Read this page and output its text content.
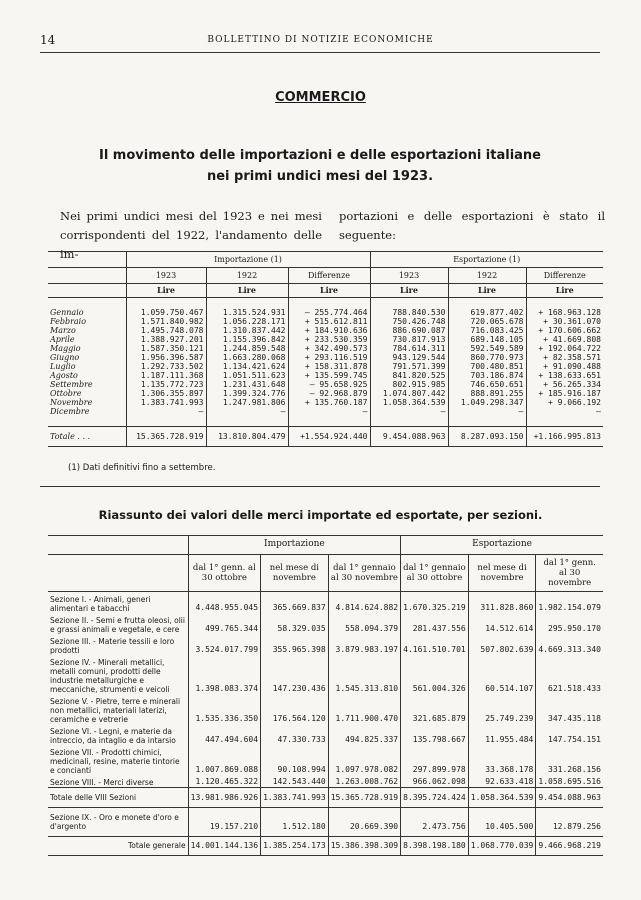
14	BOLLETTINO DI NOTIZIE ECONOMICHE
COMMERCIO
Il movimento delle importazioni e delle esportazioni italiane
nei primi undici mesi del 1923.
Nei primi undici mesi del 1923 e nei mesi corrispondenti del 1922, l'andamento delle im-
portazioni e delle esportazioni è stato il seguente:
	Importazione (1)			Esportazione (1)		
	1923	1922	Differenze	1923	1922	Differenze
	Lire	Lire	Lire	Lire	Lire	Lire

Gennaio	1.059.750.467	1.315.524.931	— 255.774.464	788.840.530	619.877.402	+ 168.963.128
Febbraio	1.571.840.982	1.056.228.171	+ 515.612.811	750.426.748	720.065.678	+ 30.361.070
Marzo	1.495.748.078	1.310.837.442	+ 184.910.636	886.690.087	716.083.425	+ 170.606.662
Aprile	1.388.927.201	1.155.396.842	+ 233.530.359	730.817.913	689.148.105	+ 41.669.808
Maggio	1.587.350.121	1.244.859.548	+ 342.490.573	784.614.311	592.549.589	+ 192.064.722
Giugno	1.956.396.587	1.663.280.068	+ 293.116.519	943.129.544	860.770.973	+ 82.358.571
Luglio	1.292.733.502	1.134.421.624	+ 158.311.878	791.571.399	700.480.851	+ 91.090.488
Agosto	1.187.111.368	1.051.511.623	+ 135.599.745	841.820.525	703.186.874	+ 138.633.651
Settembre	1.135.772.723	1.231.431.648	— 95.658.925	802.915.985	746.650.651	+ 56.265.334
Ottobre	1.306.355.897	1.399.324.776	— 92.968.879	1.074.807.442	888.891.255	+ 185.916.187
Novembre	1.383.741.993	1.247.981.806	+ 135.760.187	1.058.364.539	1.049.298.347	+ 9.066.192
Dicembre	—	—	—	—	—	—

Totale . . .	15.365.728.919	13.810.804.479	+1.554.924.440	9.454.088.963	8.287.093.150	+1.166.995.813
(1) Dati definitivi fino a settembre.
Riassunto dei valori delle merci importate ed esportate, per sezioni.
	Importazione			Esportazione		
	dal 1° genn. al 30 ottobre	nel mese di novembre	dal 1° gennaio al 30 novembre	dal 1° gennaio al 30 ottobre	nel mese di novembre	dal 1° genn. al 30 novembre
Sezione I. - Animali, generi alimentari e tabacchi	4.448.955.045	365.669.837	4.814.624.882	1.670.325.219	311.828.860	1.982.154.079
Sezione II. - Semi e frutta oleosi, olii e grassi animali e vegetale, e cere	499.765.344	58.329.035	558.094.379	281.437.556	14.512.614	295.950.170
Sezione III. - Materie tessili e loro prodotti	3.524.017.799	355.965.398	3.879.983.197	4.161.510.701	507.802.639	4.669.313.340
Sezione IV. - Minerali metallici, metalli comuni, prodotti delle industrie metallurgiche e meccaniche, strumenti e veicoli	1.398.083.374	147.230.436	1.545.313.810	561.004.326	60.514.107	621.518.433
Sezione V. - Pietre, terre e minerali non metallici, materiali laterizi, ceramiche e vetrerie	1.535.336.350	176.564.120	1.711.900.470	321.685.879	25.749.239	347.435.118
Sezione VI. - Legni, e materie da intreccio, da intaglio e da intarsio	447.494.604	47.330.733	494.825.337	135.798.667	11.955.484	147.754.151
Sezione VII. - Prodotti chimici, medicinali, resine, materie tintorie e concianti	1.007.869.088	90.108.994	1.097.978.082	297.899.978	33.368.178	331.268.156
Sezione VIII. - Merci diverse	1.120.465.322	142.543.440	1.263.008.762	966.062.098	92.633.418	1.058.695.516
Totale delle VIII Sezioni	13.981.986.926	1.383.741.993	15.365.728.919	8.395.724.424	1.058.364.539	9.454.088.963
Sezione IX. - Oro e monete d'oro e d'argento	19.157.210	1.512.180	20.669.390	2.473.756	10.405.500	12.879.256
Totale generale	14.001.144.136	1.385.254.173	15.386.398.309	8.398.198.180	1.068.770.039	9.466.968.219
